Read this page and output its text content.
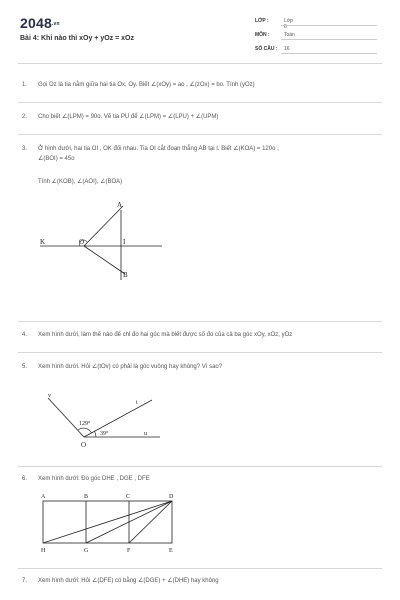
$2048^{.vn}$
Bài 4: Khi nào thì xOy + yOz = xOz
LỚP :	Lớp 6
MÔN :	Toán
SỐ CÂU :	16
1. Gọi Oz là tia nằm giữa hai tia Ox, Oy. Biết ∠(xOy) = ao , ∠(zOx) = bo. Tính (yOz)
2. Cho biết ∠(LPM) = 90o. Vẽ tia PU để ∠(LPM) = ∠(LPU) + ∠(UPM)
3. Ở hình dưới, hai tia OI , OK đối nhau. Tia OI cắt đoạn thẳng AB tại I. Biết ∠(KOA) = 120o ,
∠(BOI) = 45o
Tính ∠(KOB), ∠(AOI), ∠(BOA)
A
B
K	O	I
4. Xem hình dưới, làm thế nào để chỉ đo hai góc mà biết được số đo của cả ba góc xOy, xOz, yOz
5. Xem hình dưới. Hỏi ∠(tOv) có phải là góc vuông hay không? Vì sao?
v
t
u
O
129°
39°
6. Xem hình dưới: Đo góc DHE , DGE , DFE
A	B	C	D
H	G	F	E
7. Xem hình dưới: Hỏi ∠(DFE) có bằng ∠(DGE) + ∠(DHE) hay không
